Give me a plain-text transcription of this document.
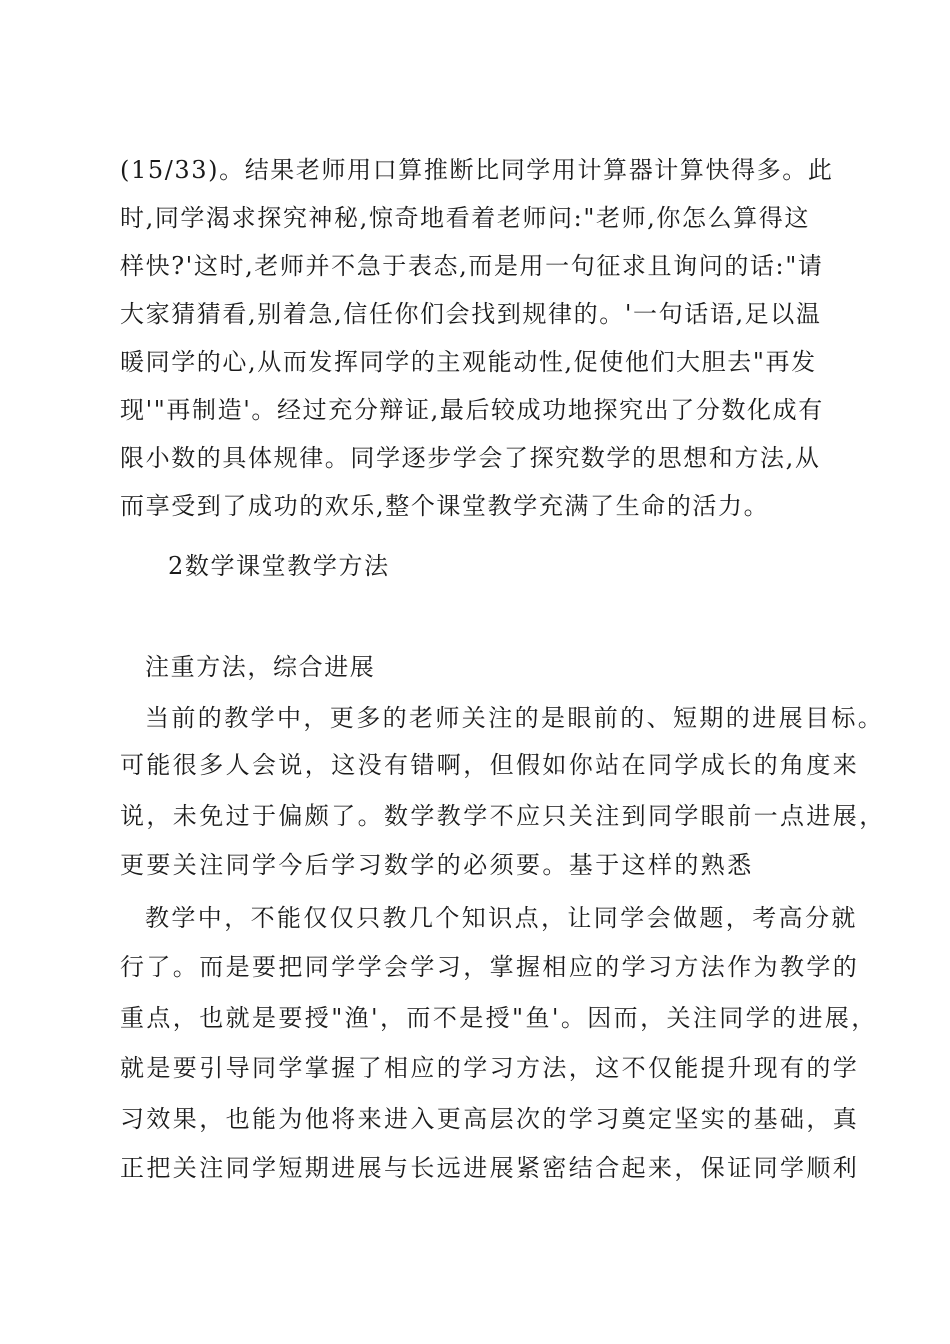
(15/33)。结果老师用口算推断比同学用计算器计算快得多。此
时,同学渴求探究神秘,惊奇地看着老师问:"老师,你怎么算得这
样快?'这时,老师并不急于表态,而是用一句征求且询问的话:"请
大家猜猜看,别着急,信任你们会找到规律的。'一句话语,足以温
暖同学的心,从而发挥同学的主观能动性,促使他们大胆去"再发
现'"再制造'。经过充分辩证,最后较成功地探究出了分数化成有
限小数的具体规律。同学逐步学会了探究数学的思想和方法,从
而享受到了成功的欢乐,整个课堂教学充满了生命的活力。
2数学课堂教学方法
注重方法，综合进展
当前的教学中，更多的老师关注的是眼前的、短期的进展目标。
可能很多人会说，这没有错啊，但假如你站在同学成长的角度来
说，未免过于偏颇了。数学教学不应只关注到同学眼前一点进展，
更要关注同学今后学习数学的必须要。基于这样的熟悉
教学中，不能仅仅只教几个知识点，让同学会做题，考高分就
行了。而是要把同学学会学习，掌握相应的学习方法作为教学的
重点，也就是要授"渔'，而不是授"鱼'。因而，关注同学的进展，
就是要引导同学掌握了相应的学习方法，这不仅能提升现有的学
习效果，也能为他将来进入更高层次的学习奠定坚实的基础，真
正把关注同学短期进展与长远进展紧密结合起来，保证同学顺利
